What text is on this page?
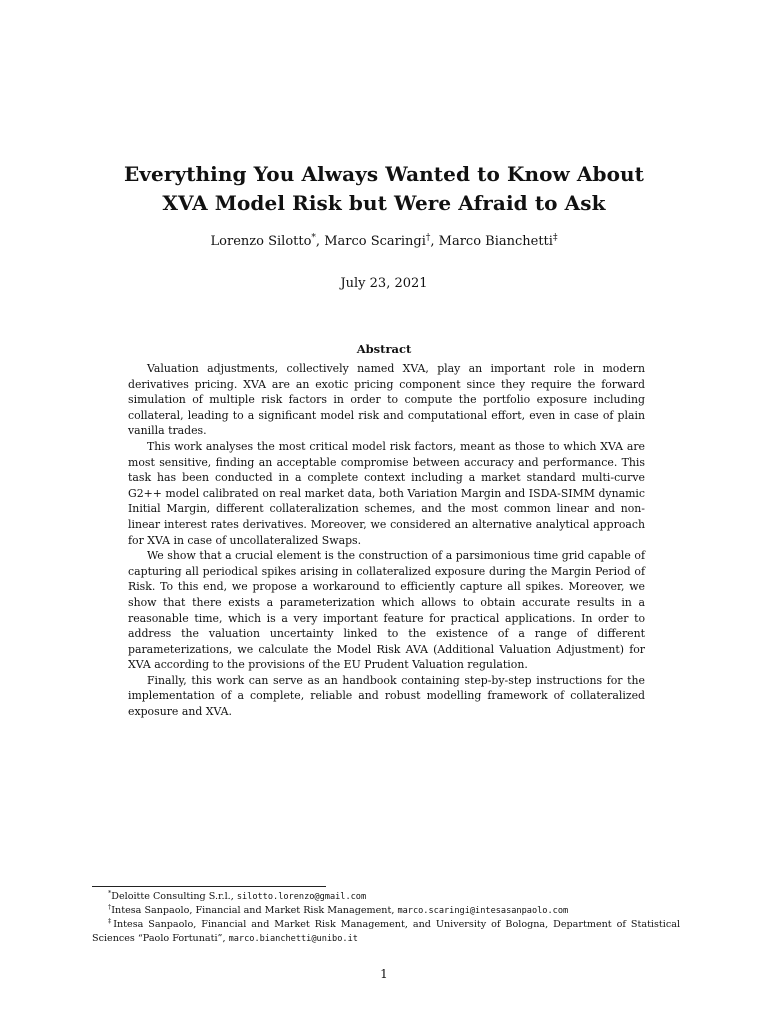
Everything You Always Wanted to Know About
XVA Model Risk but Were Afraid to Ask
Lorenzo Silotto*, Marco Scaringi†, Marco Bianchetti‡
July 23, 2021
Abstract

Valuation adjustments, collectively named XVA, play an important role in modern derivatives pricing. XVA are an exotic pricing component since they require the forward simulation of multiple risk factors in order to compute the portfolio exposure including collateral, leading to a significant model risk and computational effort, even in case of plain vanilla trades.

This work analyses the most critical model risk factors, meant as those to which XVA are most sensitive, finding an acceptable compromise between accuracy and performance. This task has been conducted in a complete context including a market standard multi-curve G2++ model calibrated on real market data, both Variation Margin and ISDA-SIMM dynamic Initial Margin, different collateralization schemes, and the most common linear and non-linear interest rates derivatives. Moreover, we considered an alternative analytical approach for XVA in case of uncollateralized Swaps.

We show that a crucial element is the construction of a parsimonious time grid capable of capturing all periodical spikes arising in collateralized exposure during the Margin Period of Risk. To this end, we propose a workaround to efficiently capture all spikes. Moreover, we show that there exists a parameterization which allows to obtain accurate results in a reasonable time, which is a very important feature for practical applications. In order to address the valuation uncertainty linked to the existence of a range of different parameterizations, we calculate the Model Risk AVA (Additional Valuation Adjustment) for XVA according to the provisions of the EU Prudent Valuation regulation.

Finally, this work can serve as an handbook containing step-by-step instructions for the implementation of a complete, reliable and robust modelling framework of collateralized exposure and XVA.

*Deloitte Consulting S.r.l., silotto.lorenzo@gmail.com

†Intesa Sanpaolo, Financial and Market Risk Management, marco.scaringi@intesasanpaolo.com

‡Intesa Sanpaolo, Financial and Market Risk Management, and University of Bologna, Department of Statistical Sciences “Paolo Fortunati”, marco.bianchetti@unibo.it

1
